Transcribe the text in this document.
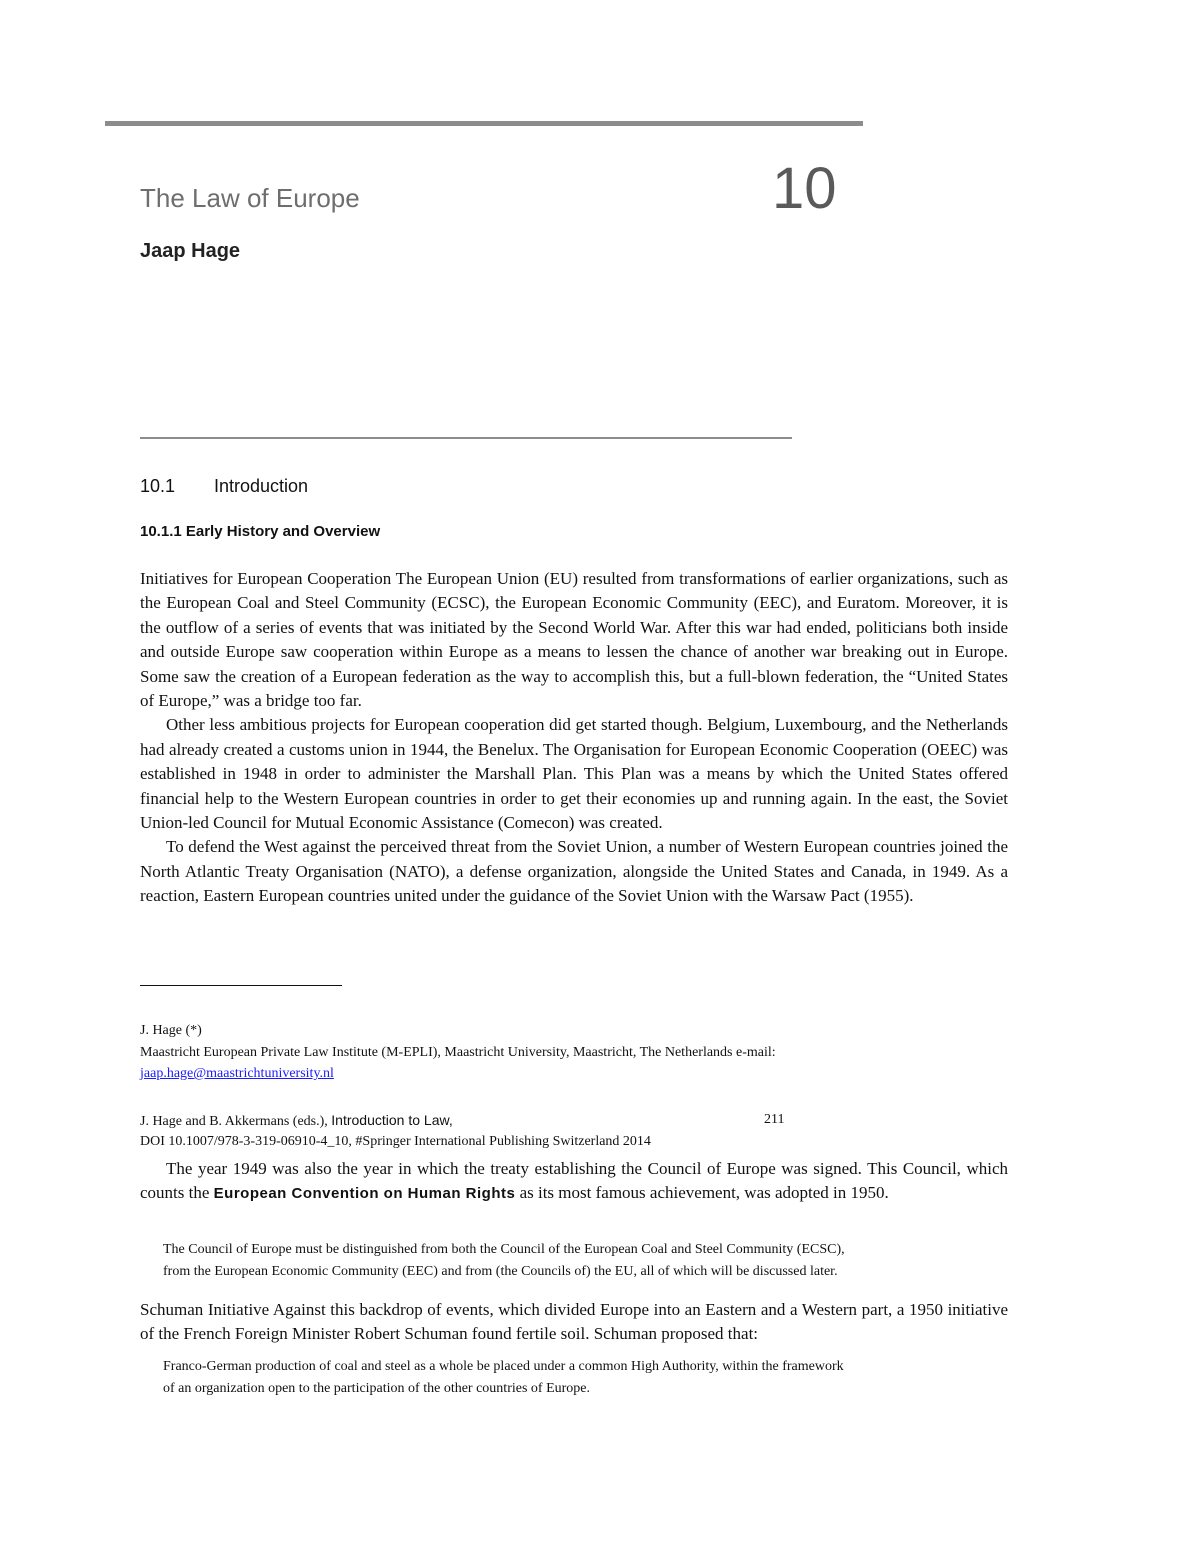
The Law of Europe	10
Jaap Hage
10.1 Introduction
10.1.1 Early History and Overview

Initiatives for European Cooperation The European Union (EU) resulted from transformations of earlier organizations, such as the European Coal and Steel Community (ECSC), the European Economic Community (EEC), and Euratom. Moreover, it is the outflow of a series of events that was initiated by the Second World War. After this war had ended, politicians both inside and outside Europe saw cooperation within Europe as a means to lessen the chance of another war breaking out in Europe. Some saw the creation of a European federation as the way to accomplish this, but a full-blown federation, the “United States of Europe,” was a bridge too far.

Other less ambitious projects for European cooperation did get started though. Belgium, Luxembourg, and the Netherlands had already created a customs union in 1944, the Benelux. The Organisation for European Economic Cooperation (OEEC) was established in 1948 in order to administer the Marshall Plan. This Plan was a means by which the United States offered financial help to the Western European countries in order to get their economies up and running again. In the east, the Soviet Union-led Council for Mutual Economic Assistance (Comecon) was created.

To defend the West against the perceived threat from the Soviet Union, a number of Western European countries joined the North Atlantic Treaty Organisation (NATO), a defense organization, alongside the United States and Canada, in 1949. As a reaction, Eastern European countries united under the guidance of the Soviet Union with the Warsaw Pact (1955).

J. Hage (*)
Maastricht European Private Law Institute (M-EPLI), Maastricht University, Maastricht, The Netherlands e-mail:
jaap.hage@maastrichtuniversity.nl
J. Hage and B. Akkermans (eds.), Introduction to Law,	211
DOI 10.1007/978-3-319-06910-4_10, #Springer International Publishing Switzerland 2014

The year 1949 was also the year in which the treaty establishing the Council of Europe was signed. This Council, which counts the European Convention on Human Rights as its most famous achievement, was adopted in 1950.

The Council of Europe must be distinguished from both the Council of the European Coal and Steel Community (ECSC),

from the European Economic Community (EEC) and from (the Councils of) the EU, all of which will be discussed later.

Schuman Initiative Against this backdrop of events, which divided Europe into an Eastern and a Western part, a 1950 initiative of the French Foreign Minister Robert Schuman found fertile soil. Schuman proposed that:

Franco-German production of coal and steel as a whole be placed under a common High Authority, within the framework

of an organization open to the participation of the other countries of Europe.
